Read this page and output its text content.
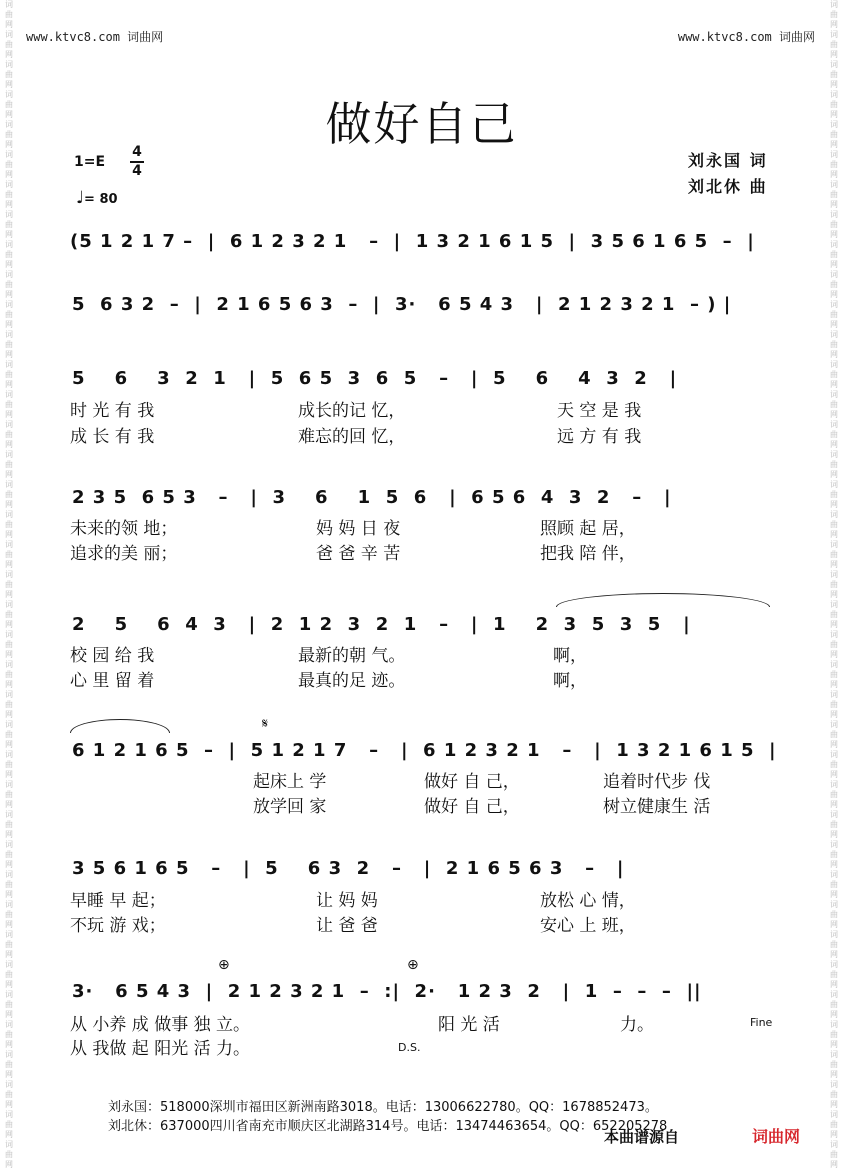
词
曲
网
词
曲
网
词
曲
网
词
曲
网
词
曲
网
词
曲
网
词
曲
网
词
曲
网
词
曲
网
词
曲
网
词
曲
网
词
曲
网
词
曲
网
词
曲
网
词
曲
网
词
曲
网
词
曲
网
词
曲
网
词
曲
网
词
曲
网
词
曲
网
词
曲
网
词
曲
网
词
曲
网
词
曲
网
词
曲
网
词
曲
网
词
曲
网
词
曲
网
词
曲
网
词
曲
网
词
曲
网
词
曲
网
词
曲
网
词
曲
网
词
曲
网
词
曲
网
词
曲
网
词
曲
网
词
曲
网
词
曲
网
词
曲
网
词
曲
网
词
曲
网
词
曲
网
词
曲
网
词
曲
网
词
曲
网
词
曲
网
词
曲
网
词
曲
网
词
曲
网
词
曲
网
词
曲
网
词
曲
网
词
曲
网
词
曲
网
词
曲
网
词
曲
网
词
曲
网
词
曲
网
词
曲
网
词
曲
网
词
曲
网
词
曲
网
词
曲
网
词
曲
网
词
曲
网
词
曲
网
词
曲
网
词
曲
网
词
曲
网
词
曲
网
词
曲
网
词
曲
网
词
曲
网
词
曲
网
词
曲
网
www.ktvc8.com 词曲网	www.ktvc8.com 词曲网
做好自己
1=E
4
4
♩= 80
刘永国 词
刘北休 曲
(5 1 2 1 7 –  |  6 1 2 3 2 1   –  |  1 3 2 1 6 1 5  |  3 5 6 1 6 5  –  |
5  6 3 2  –  |  2 1 6 5 6 3  –  |  3·   6 5 4 3   |  2 1 2 3 2 1  – ) |
5    6    3  2  1   |  5  6 5  3  6  5   –   |  5    6    4  3  2   |
时 光 有 我	成长的记 忆，	天 空 是 我
成 长 有 我	难忘的回 忆，	远 方 有 我
2 3 5  6 5 3   –   |  3    6    1  5  6   |  6 5 6  4  3  2   –   |
未来的领 地；	妈 妈 日 夜	照顾 起 居，
追求的美 丽；	爸 爸 辛 苦	把我 陪 伴，
2    5    6  4  3   |  2  1 2  3  2  1   –   |  1    2  3  5  3  5   |
校 园 给 我	最新的朝 气。	啊，
心 里 留 着	最真的足 迹。	啊，
𝄋
6 1 2 1 6 5  –  |  5 1 2 1 7   –   |  6 1 2 3 2 1   –   |  1 3 2 1 6 1 5  |
起床上 学	做好 自 己，	追着时代步 伐
放学回 家	做好 自 己，	树立健康生 活
3 5 6 1 6 5   –   |  5    6 3  2   –   |  2 1 6 5 6 3   –   |
早睡 早 起；	让 妈 妈	放松 心 情，
不玩 游 戏；	让 爸 爸	安心 上 班，
⊕	⊕
3·   6 5 4 3  |  2 1 2 3 2 1  –  :|  2·   1 2 3  2   |  1  –  –  –  ||
从 小养 成 做事 独 立。	阳 光 活	力。	Fine
从 我做 起 阳光 活 力。	D.S.
刘永国：518000深圳市福田区新洲南路3018。电话：13006622780。QQ：1678852473。
刘北休：637000四川省南充市顺庆区北湖路314号。电话：13474463654。QQ：652205278
本曲谱源自	词曲网
